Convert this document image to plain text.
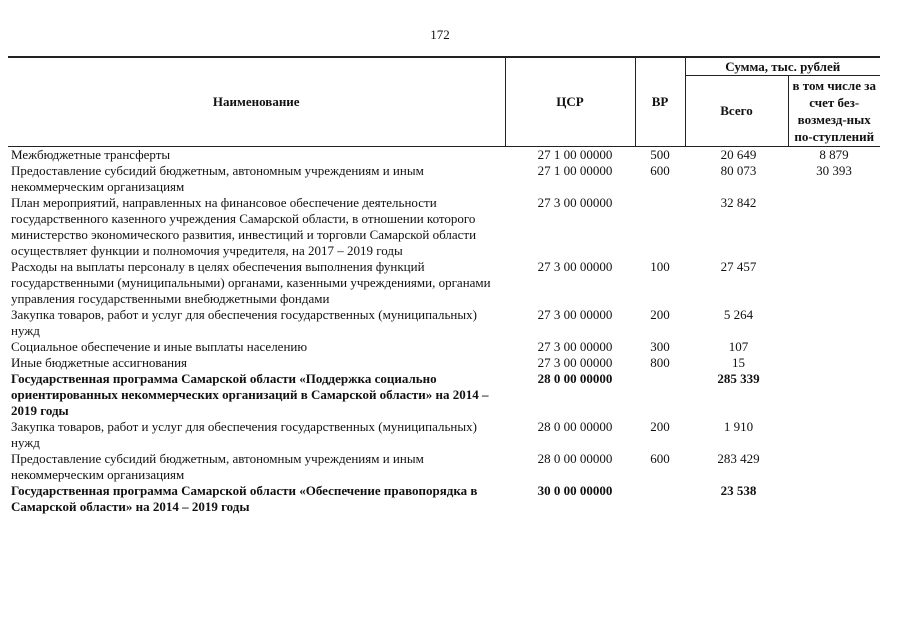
172
Наименование	ЦСР	ВР	Сумма, тыс. рублей	
			Всего	в том числе за счет без-возмезд-ных по-ступлений
Межбюджетные трансферты	27 1 00 00000	500	20 649	8 879
Предоставление субсидий бюджетным, автономным учреждениям и иным некоммерческим организациям	27 1 00 00000	600	80 073	30 393
План мероприятий, направленных на финансовое обеспечение деятельности государственного казенного учреждения Самарской области, в отношении которого министерство экономического развития, инвестиций и торговли Самарской области осуществляет функции и полномочия учредителя, на 2017 – 2019 годы	27 3 00 00000		32 842	
Расходы на выплаты персоналу в целях обеспечения выполнения функций государственными (муниципальными) органами, казенными учреждениями, органами управления государственными внебюджетными фондами	27 3 00 00000	100	27 457	
Закупка товаров, работ и услуг для обеспечения государственных (муниципальных) нужд	27 3 00 00000	200	5 264	
Социальное обеспечение и иные выплаты населению	27 3 00 00000	300	107	
Иные бюджетные ассигнования	27 3 00 00000	800	15	
Государственная программа Самарской области «Поддержка социально ориентированных некоммерческих организаций в Самарской области» на 2014 – 2019 годы	28 0 00 00000		285 339	
Закупка товаров, работ и услуг для обеспечения государственных (муниципальных) нужд	28 0 00 00000	200	1 910	
Предоставление субсидий бюджетным, автономным учреждениям и иным некоммерческим организациям	28 0 00 00000	600	283 429	
Государственная программа Самарской области «Обеспечение правопорядка в Самарской области» на 2014 – 2019 годы	30 0 00 00000		23 538	
